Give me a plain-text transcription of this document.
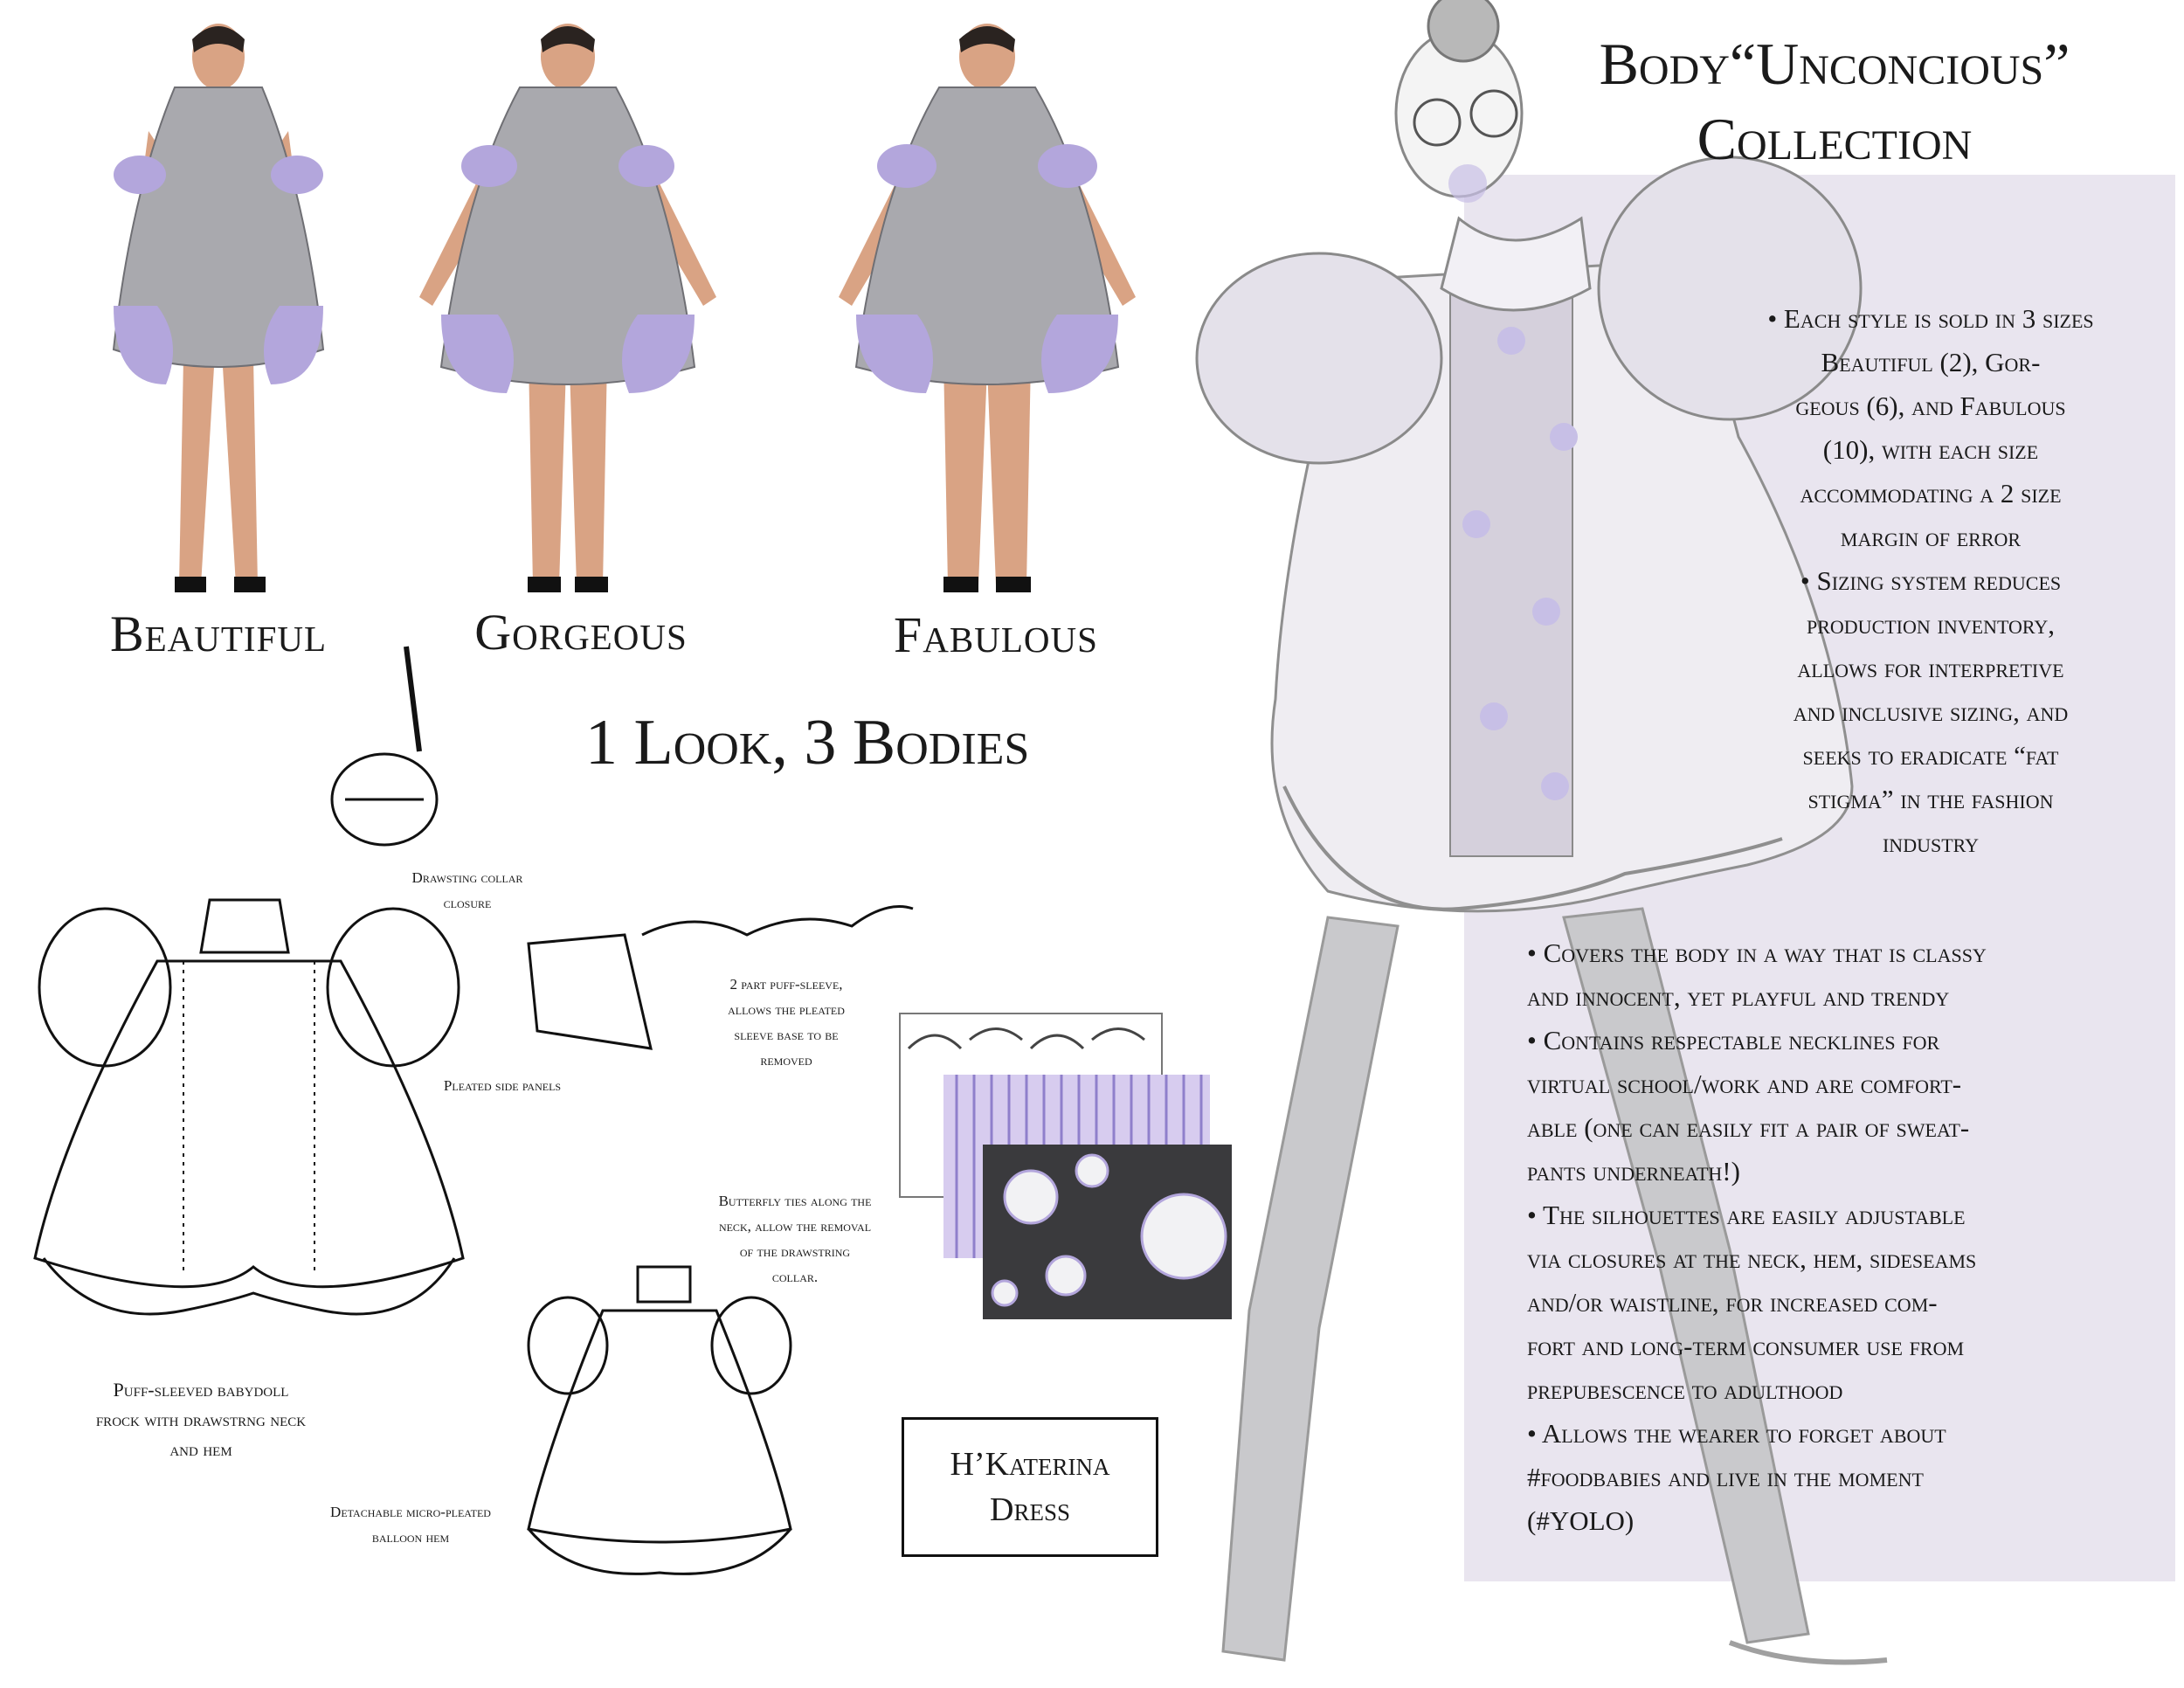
Body“Unconcious”
Collection

• Each style is sold in 3 sizes Beautiful (2), Gor-

geous (6), and Fabulous

(10), with each size

accommodating a 2 size

margin of error

• Sizing system reduces

production inventory,

allows for interpretive

and inclusive sizing, and

seeks to eradicate “fat

stigma” in the fashion

industry

• Covers the body in a way that is classy

and innocent, yet playful and trendy

• Contains respectable necklines for

virtual school/work and are comfort-

able (one can easily fit a pair of sweat-

pants underneath!)

• The silhouettes are easily adjustable

via closures at the neck, hem, sideseams

and/or waistline, for increased com-

fort and long-term consumer use from

prepubescence to adulthood

• Allows the wearer to forget about

#foodbabies and live in the moment

(#YOLO)

Beautiful	Gorgeous	Fabulous
1 Look, 3 Bodies
Drawsting collar
closure
2 part puff-sleeve,
allows the pleated
sleeve base to be
removed
Pleated side panels
Butterfly ties along the
neck, allow the removal
of the drawstring
collar.
Detachable micro-pleated
balloon hem
Puff-sleeved babydoll
frock with drawstrng neck
and hem	H’Katerina
Dress
